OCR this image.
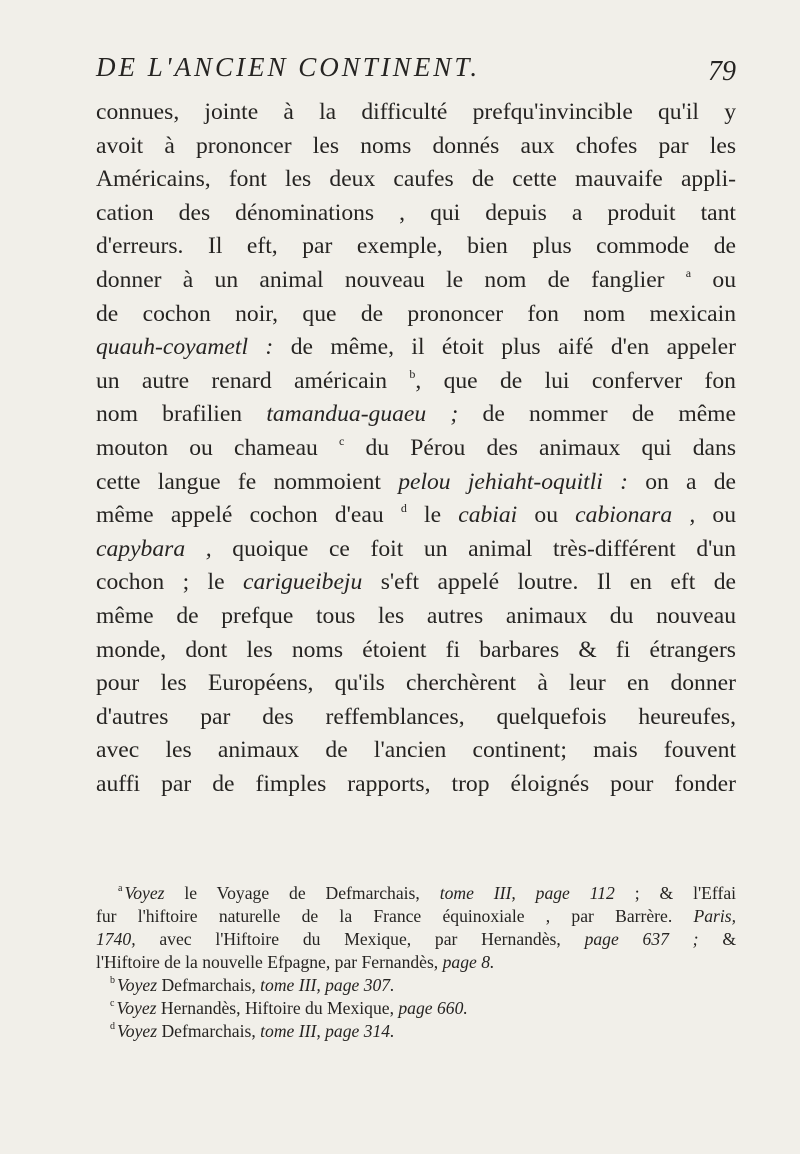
DE L'ANCIEN CONTINENT.	79
connues, jointe à la difficulté prefqu'invincible qu'il y
avoit à prononcer les noms donnés aux chofes par les
Américains, font les deux caufes de cette mauvaife appli-
cation des dénominations , qui depuis a produit tant
d'erreurs. Il eft, par exemple, bien plus commode de
donner à un animal nouveau le nom de fanglier $^a$ ou
de cochon noir, que de prononcer fon nom mexicain
quauh-coyametl : de même, il étoit plus aifé d'en appeler
un autre renard américain $^b$, que de lui conferver fon
nom brafilien tamandua-guaeu ; de nommer de même
mouton ou chameau $^c$ du Pérou des animaux qui dans
cette langue fe nommoient pelou jehiaht-oquitli : on a de
même appelé cochon d'eau $^d$ le cabiai ou cabionara , ou
capybara , quoique ce foit un animal très-différent d'un
cochon ; le carigueibeju s'eft appelé loutre. Il en eft de
même de prefque tous les autres animaux du nouveau
monde, dont les noms étoient fi barbares & fi étrangers
pour les Européens, qu'ils cherchèrent à leur en donner
d'autres par des reffemblances, quelquefois heureufes,
avec les animaux de l'ancien continent; mais fouvent
auffi par de fimples rapports, trop éloignés pour fonder
$^a$ Voyez le Voyage de Defmarchais, tome III, page 112 ; & l'Effai
fur l'hiftoire naturelle de la France équinoxiale , par Barrère. Paris,
1740, avec l'Hiftoire du Mexique, par Hernandès, page 637 ; &
l'Hiftoire de la nouvelle Efpagne, par Fernandès, page 8.
$^b$ Voyez Defmarchais, tome III, page 307.
$^c$ Voyez Hernandès, Hiftoire du Mexique, page 660.
$^d$ Voyez Defmarchais, tome III, page 314.
